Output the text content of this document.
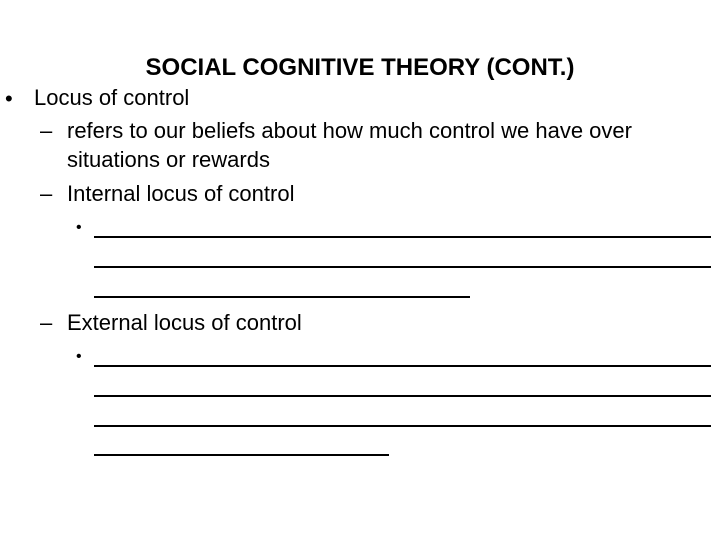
SOCIAL COGNITIVE THEORY (CONT.)
• Locus of control
– refers to our beliefs about how much control we have over
situations or rewards
– Internal locus of control
•
– External locus of control
•
